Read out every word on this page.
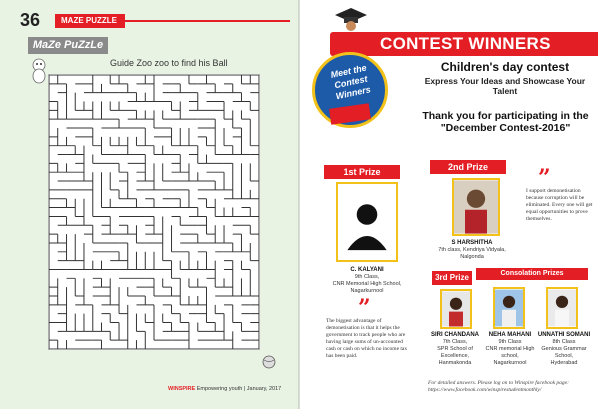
36	MAZE PUZZLE
MaZe PuZzLe
Guide Zoo zoo to find his Ball
WINSPIRE Empowering youth | January, 2017
CONTEST WINNERS
Meet the Contest Winners
Children's day contest
Express Your Ideas and Showcase Your Talent
Thank you for participating in the "December Contest-2016"
1st Prize
C. KALYANI
9th Class,
CNR Memorial High School,
Nagarkurnool
”
The biggest advantage of demonetisation is that it helps the government to track people who are having large sums of un-accounted cash or cash on which no income tax has been paid.
2nd Prize
S HARSHITHA
7th class, Kendriya Vidyala,
Nalgonda
”
I support demonetisation because corruption will be eliminated. Every one will get equal opportunities to prove themselves.
3rd Prize
SIRI CHANDANA
7th Class,
SPR School of
Excellence,
Hanmakonda
Consolation Prizes
NEHA MAHANI
9th Class
CNR memorial High
school,
Nagarkurnool
UNNATHI SOMANI
8th Class
Genious Grammar
School,
Hyderabad
For detailed answers. Please log on to Winspire facebook page: https://www.facebook.com/winspirestudentmonthly/
